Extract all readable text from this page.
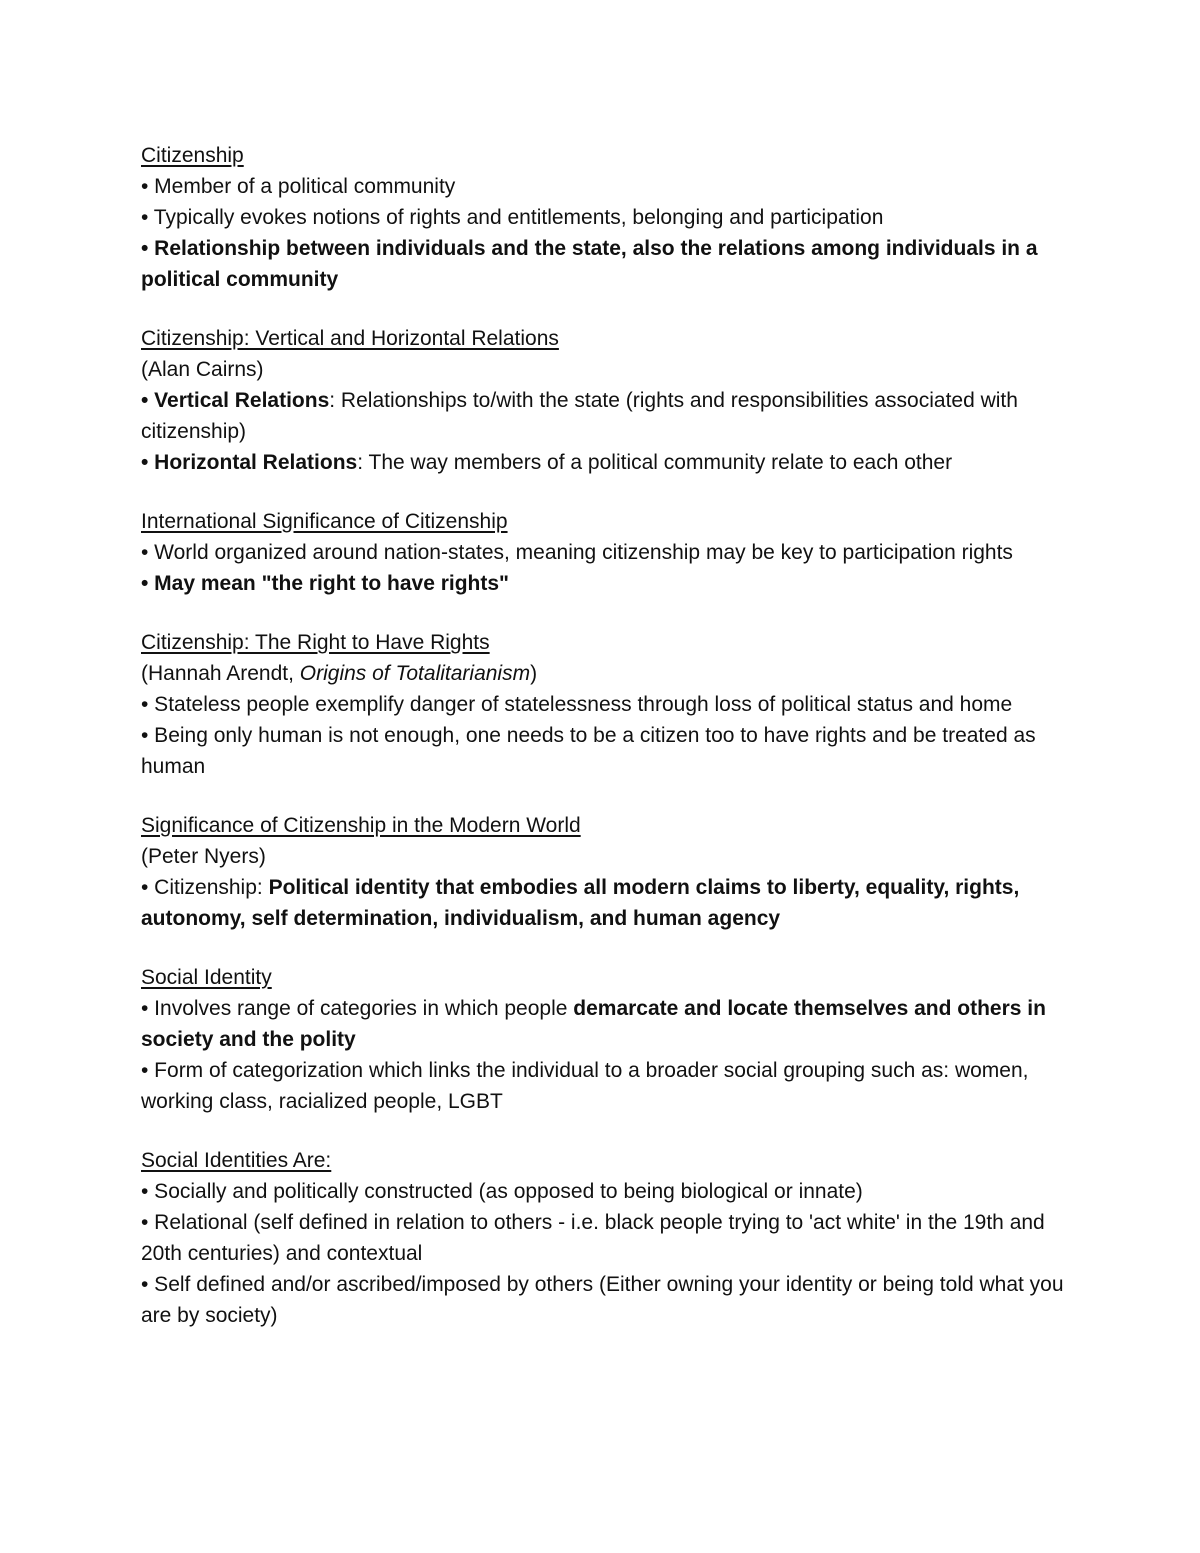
Citizenship
• Member of a political community
• Typically evokes notions of rights and entitlements, belonging and participation
• Relationship between individuals and the state, also the relations among individuals in a political community
Citizenship: Vertical and Horizontal Relations
(Alan Cairns)
• Vertical Relations: Relationships to/with the state (rights and responsibilities associated with citizenship)
• Horizontal Relations: The way members of a political community relate to each other
International Significance of Citizenship
• World organized around nation-states, meaning citizenship may be key to participation rights
• May mean "the right to have rights"
Citizenship: The Right to Have Rights
(Hannah Arendt, Origins of Totalitarianism)
• Stateless people exemplify danger of statelessness through loss of political status and home
• Being only human is not enough, one needs to be a citizen too to have rights and be treated as human
Significance of Citizenship in the Modern World
(Peter Nyers)
• Citizenship: Political identity that embodies all modern claims to liberty, equality, rights, autonomy, self determination, individualism, and human agency
Social Identity
• Involves range of categories in which people demarcate and locate themselves and others in society and the polity
• Form of categorization which links the individual to a broader social grouping such as: women, working class, racialized people, LGBT
Social Identities Are:
• Socially and politically constructed (as opposed to being biological or innate)
• Relational (self defined in relation to others - i.e. black people trying to 'act white' in the 19th and 20th centuries) and contextual
• Self defined and/or ascribed/imposed by others (Either owning your identity or being told what you are by society)
